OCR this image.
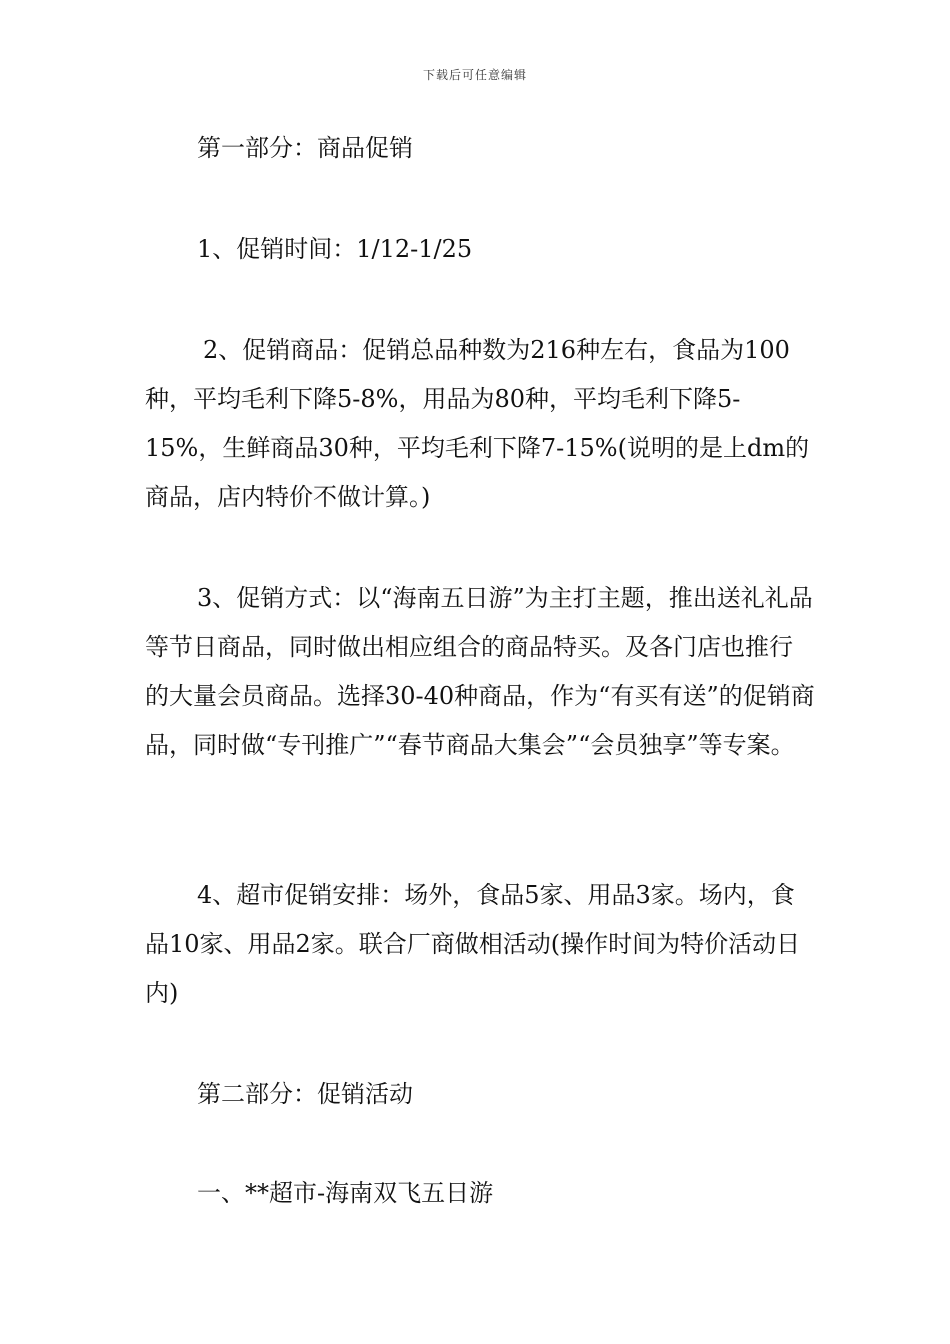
下载后可任意编辑

第一部分：商品促销

1、促销时间：1/12-1/25

2、促销商品：促销总品种数为216种左右，食品为100种，平均毛利下降5-8%，用品为80种，平均毛利下降5-15%，生鲜商品30种，平均毛利下降7-15%(说明的是上dm的商品，店内特价不做计算。)

3、促销方式：以“海南五日游”为主打主题，推出送礼礼品等节日商品，同时做出相应组合的商品特买。及各门店也推行的大量会员商品。选择30-40种商品，作为“有买有送”的促销商品，同时做“专刊推广”“春节商品大集会”“会员独享”等专案。

4、超市促销安排：场外，食品5家、用品3家。场内，食品10家、用品2家。联合厂商做相活动(操作时间为特价活动日内)

第二部分：促销活动

一、**超市-海南双飞五日游
